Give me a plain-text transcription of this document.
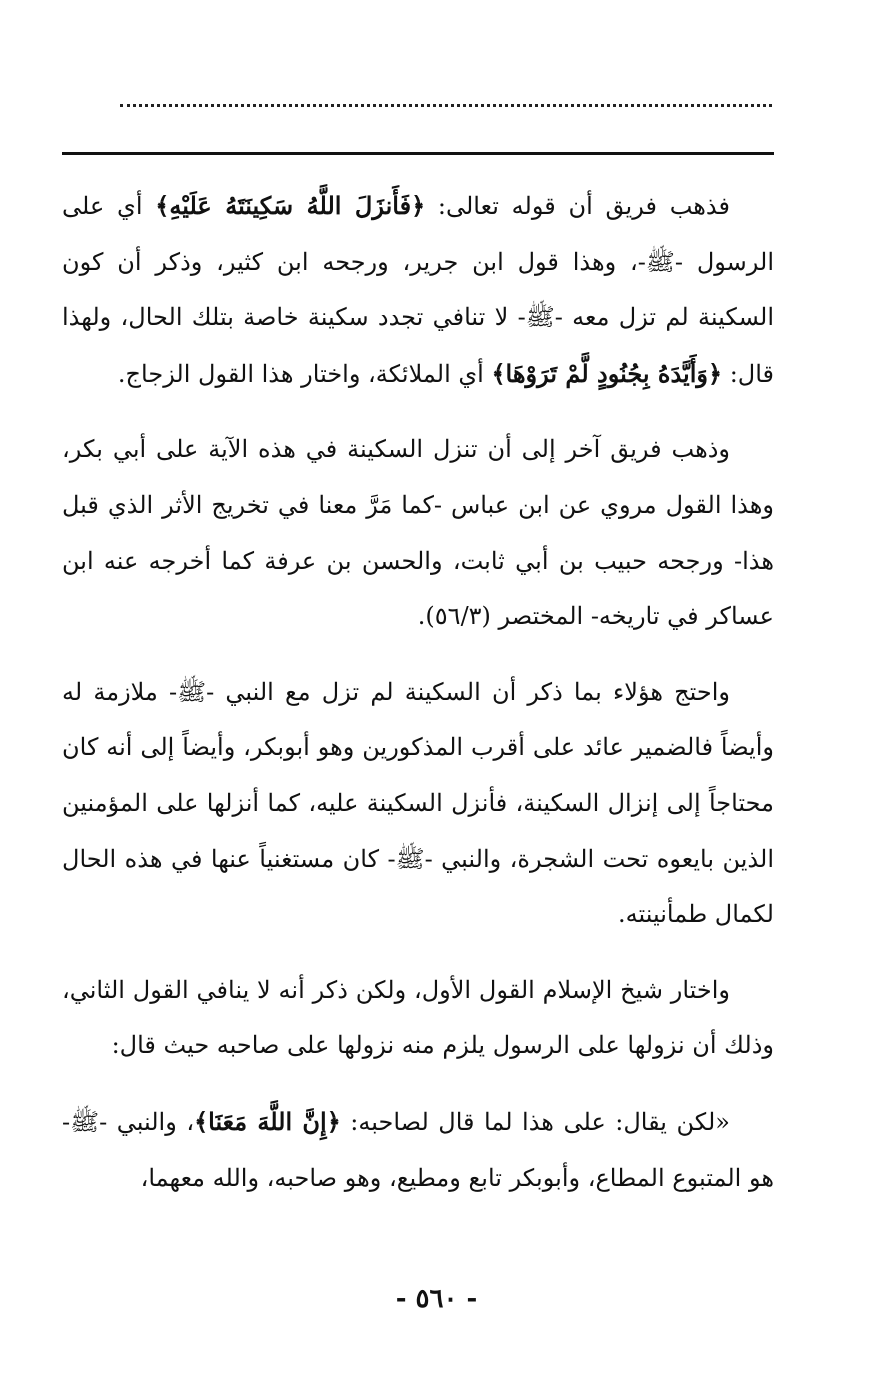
فذهب فريق أن قوله تعالى: ﴿فَأَنزَلَ اللَّهُ سَكِينَتَهُ عَلَيْهِ﴾ أي على الرسول -ﷺ-، وهذا قول ابن جرير، ورجحه ابن كثير، وذكر أن كون السكينة لم تزل معه -ﷺ- لا تنافي تجدد سكينة خاصة بتلك الحال، ولهذا قال: ﴿وَأَيَّدَهُ بِجُنُودٍ لَّمْ تَرَوْهَا﴾ أي الملائكة، واختار هذا القول الزجاج.

وذهب فريق آخر إلى أن تنزل السكينة في هذه الآية على أبي بكر، وهذا القول مروي عن ابن عباس -كما مَرَّ معنا في تخريج الأثر الذي قبل هذا- ورجحه حبيب بن أبي ثابت، والحسن بن عرفة كما أخرجه عنه ابن عساكر في تاريخه- المختصر (٥٦/٣).

واحتج هؤلاء بما ذكر أن السكينة لم تزل مع النبي -ﷺ- ملازمة له وأيضاً فالضمير عائد على أقرب المذكورين وهو أبوبكر، وأيضاً إلى أنه كان محتاجاً إلى إنزال السكينة، فأنزل السكينة عليه، كما أنزلها على المؤمنين الذين بايعوه تحت الشجرة، والنبي -ﷺ- كان مستغنياً عنها في هذه الحال لكمال طمأنينته.

واختار شيخ الإسلام القول الأول، ولكن ذكر أنه لا ينافي القول الثاني، وذلك أن نزولها على الرسول يلزم منه نزولها على صاحبه حيث قال:

«لكن يقال: على هذا لما قال لصاحبه: ﴿إِنَّ اللَّهَ مَعَنَا﴾، والنبي -ﷺ- هو المتبوع المطاع، وأبوبكر تابع ومطيع، وهو صاحبه، والله معهما،

- ٥٦٠ -
